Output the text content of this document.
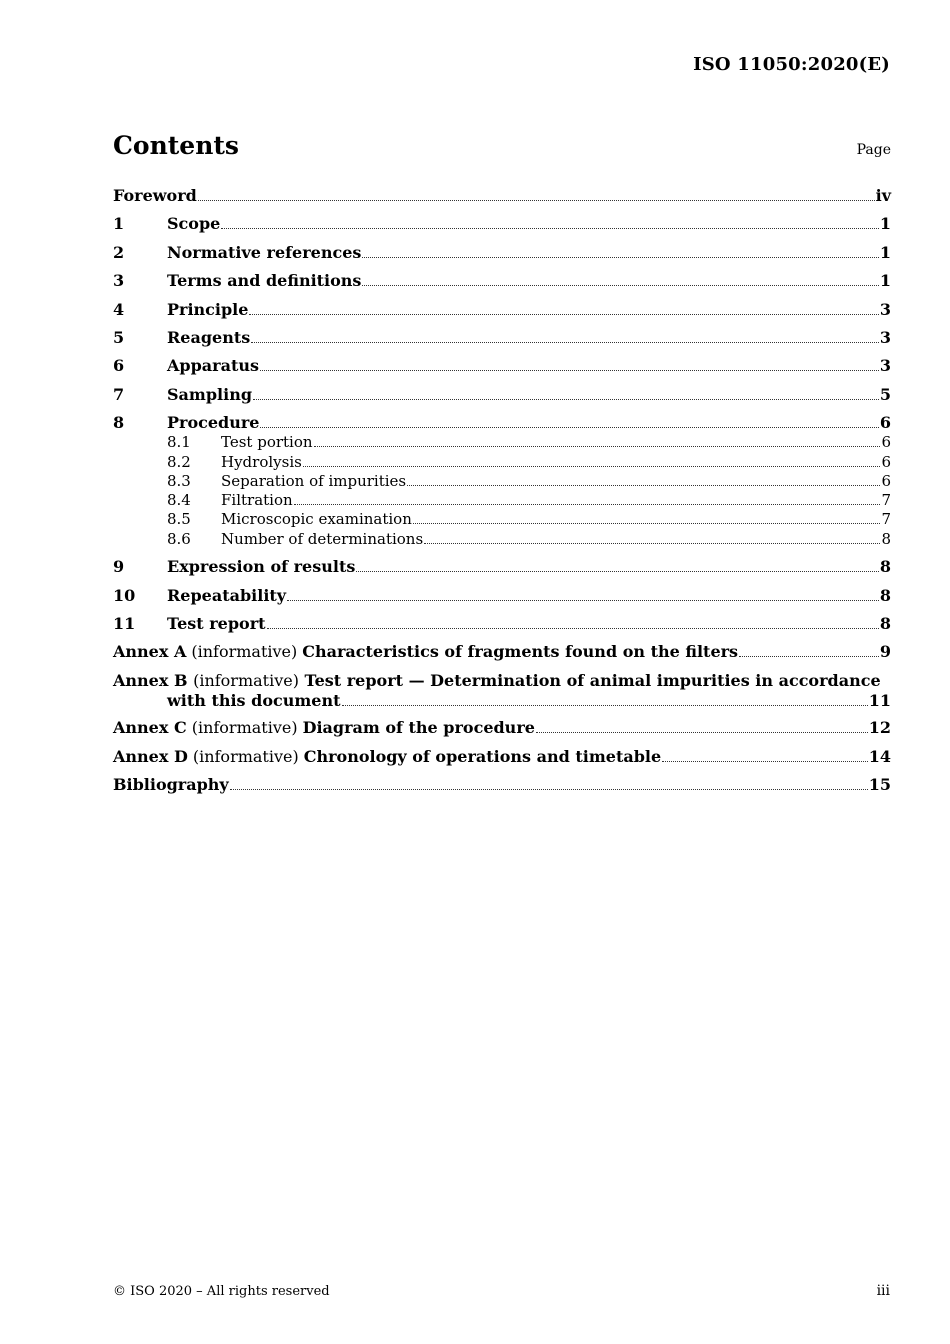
ISO 11050:2020(E)
Contents	Page
Foreword	iv
1	Scope	1
2	Normative references	1
3	Terms and definitions	1
4	Principle	3
5	Reagents	3
6	Apparatus	3
7	Sampling	5
8	Procedure	6
8.1	Test portion	6
8.2	Hydrolysis	6
8.3	Separation of impurities	6
8.4	Filtration	7
8.5	Microscopic examination	7
8.6	Number of determinations	8
9	Expression of results	8
10	Repeatability	8
11	Test report	8
Annex A (informative) Characteristics of fragments found on the filters	9
Annex B (informative) Test report — Determination of animal impurities in accordance
with this document	11
Annex C (informative) Diagram of the procedure	12
Annex D (informative) Chronology of operations and timetable	14
Bibliography	15
© ISO 2020 – All rights reserved	iii
